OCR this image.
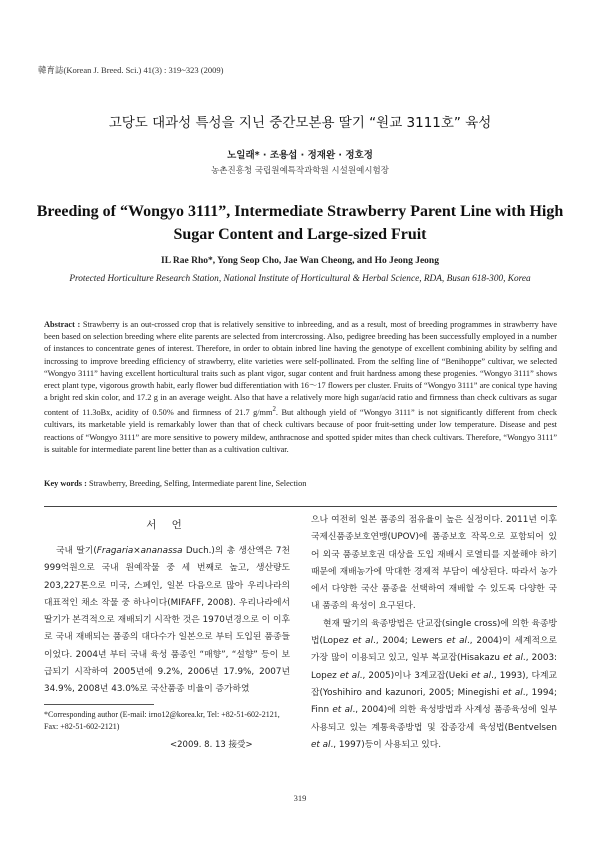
韓育誌(Korean J. Breed. Sci.) 41(3) : 319~323 (2009)
고당도 대과성 특성을 지닌 중간모본용 딸기 “원교 3111호” 육성
노일래* · 조용섭 · 정재완 · 정호정
농촌진흥청 국립원예특작과학원 시설원예시험장
Breeding of “Wongyo 3111”, Intermediate Strawberry Parent Line with High Sugar Content and Large-sized Fruit
IL Rae Rho*, Yong Seop Cho, Jae Wan Cheong, and Ho Jeong Jeong
Protected Horticulture Research Station, National Institute of Horticultural & Herbal Science, RDA, Busan 618-300, Korea
Abstract : Strawberry is an out-crossed crop that is relatively sensitive to inbreeding, and as a result, most of breeding programmes in strawberry have been based on selection breeding where elite parents are selected from intercrossing. Also, pedigree breeding has been successfully employed in a number of instances to concentrate genes of interest. Therefore, in order to obtain inbred line having the genotype of excellent combining ability by selfing and incrossing to improve breeding efficiency of strawberry, elite varieties were self-pollinated. From the selfing line of “Benihoppe” cultivar, we selected “Wongyo 3111” having excellent horticultural traits such as plant vigor, sugar content and fruit hardness among these progenies. “Wongyo 3111” shows erect plant type, vigorous growth habit, early flower bud differentiation with 16～17 flowers per cluster. Fruits of “Wongyo 3111” are conical type having a bright red skin color, and 17.2 g in an average weight. Also that have a relatively more high sugar/acid ratio and firmness than check cultivars as sugar content of 11.3oBx, acidity of 0.50% and firmness of 21.7 $g/mm^2$. But although yield of “Wongyo 3111” is not significantly different from check cultivars, its marketable yield is remarkably lower than that of check cultivars because of poor fruit-setting under low temperature. Disease and pest reactions of “Wongyo 3111” are more sensitive to powery mildew, anthracnose and spotted spider mites than check cultivars. Therefore, “Wongyo 3111” is suitable for intermediate parent line better than as a cultivation cultivar.
Key words : Strawberry, Breeding, Selfing, Intermediate parent line, Selection
서 언
국내 딸기(Fragaria×ananassa Duch.)의 총 생산액은 7천 999억원으로 국내 원예작물 중 세 번째로 높고, 생산량도 203,227톤으로 미국, 스페인, 일본 다음으로 많아 우리나라의 대표적인 채소 작물 중 하나이다(MIFAFF, 2008). 우리나라에서 딸기가 본격적으로 재배되기 시작한 것은 1970년경으로 이 이후로 국내 재배되는 품종의 대다수가 일본으로 부터 도입된 품종들이었다. 2004년 부터 국내 육성 품종인 “매향”, “설향” 등이 보급되기 시작하여 2005년에 9.2%, 2006년 17.9%, 2007년 34.9%, 2008년 43.0%로 국산품종 비율이 증가하였

으나 여전히 일본 품종의 점유율이 높은 실정이다. 2011년 이후 국제신품종보호연맹(UPOV)에 품종보호 작목으로 포함되어 있어 외국 품종보호권 대상을 도입 재배시 로열티를 지불해야 하기 때문에 재배농가에 막대한 경제적 부담이 예상된다. 따라서 농가에서 다양한 국산 품종을 선택하여 재배할 수 있도록 다양한 국내 품종의 육성이 요구된다.

현재 딸기의 육종방법은 단교잡(single cross)에 의한 육종방법(Lopez et al., 2004; Lewers et al., 2004)이 세계적으로 가장 많이 이용되고 있고, 일부 복교잡(Hisakazu et al., 2003: Lopez et al., 2005)이나 3계교잡(Ueki et al., 1993), 다계교잡(Yoshihiro and kazunori, 2005; Minegishi et al., 1994; Finn et al., 2004)에 의한 육성방법과 사계성 품종육성에 일부 사용되고 있는 계통육종방법 및 잡종강세 육성법(Bentvelsen et al., 1997)등이 사용되고 있다.

*Corresponding author (E-mail: irno12@korea.kr, Tel: +82-51-602-2121, Fax: +82-51-602-2121)
<2009. 8. 13 接受>
319
